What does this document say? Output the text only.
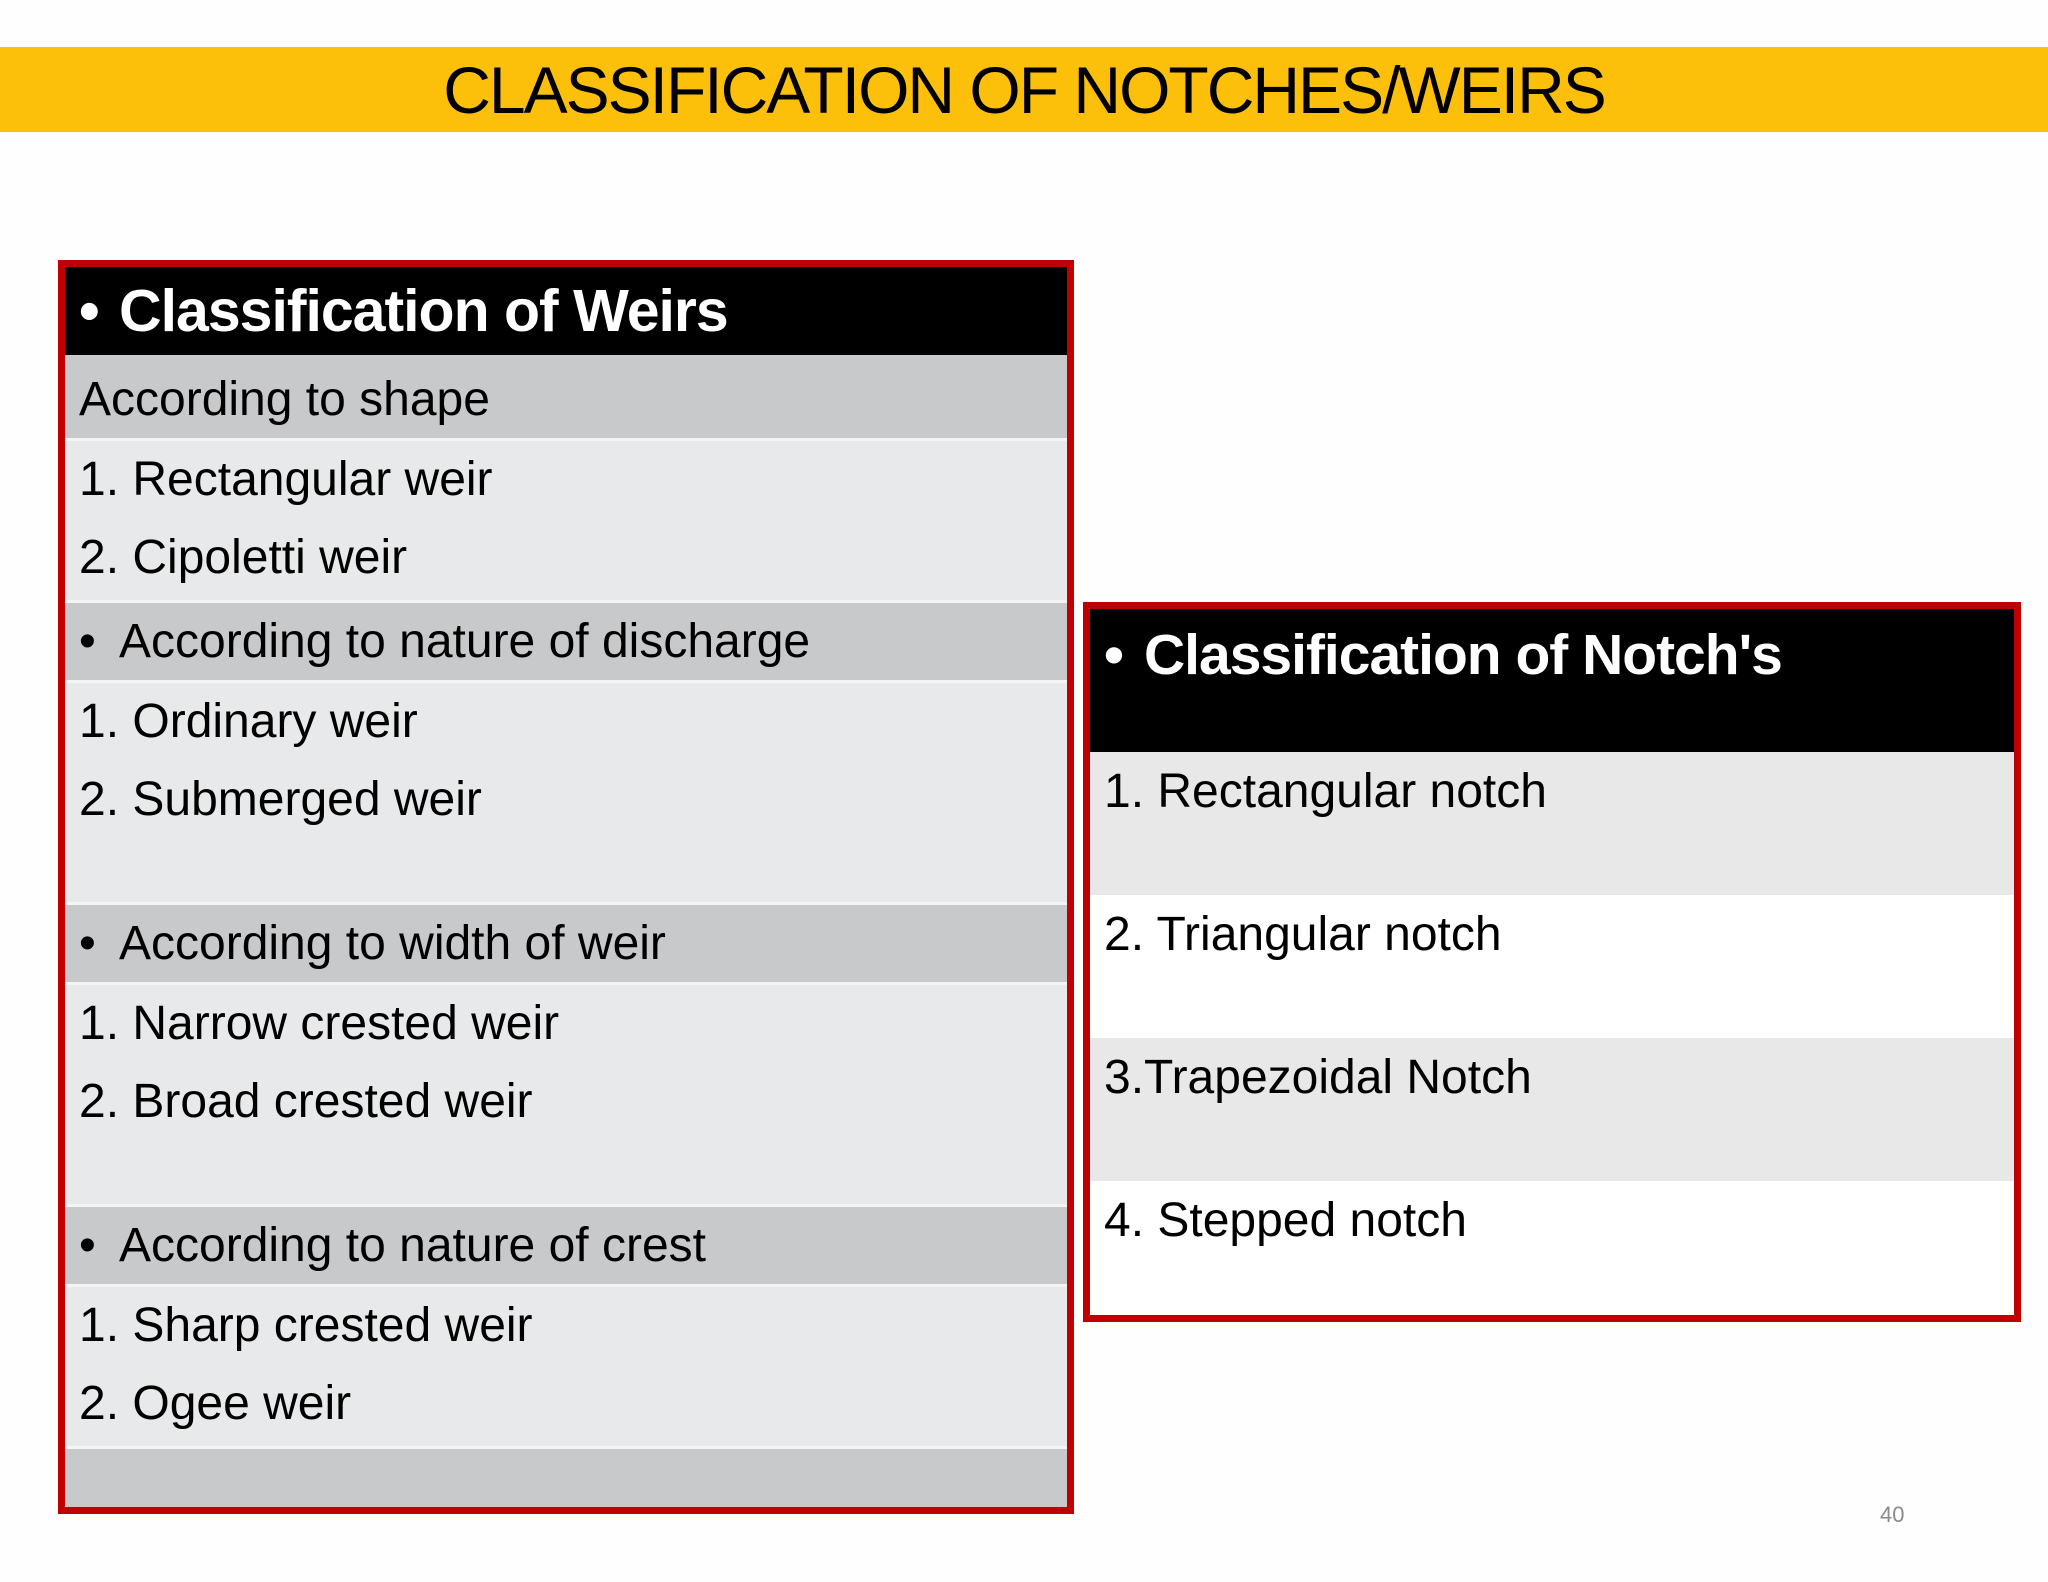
CLASSIFICATION OF NOTCHES/WEIRS
• Classification of Weirs
According to shape
1. Rectangular weir
2. Cipoletti weir
• According to nature of discharge
1. Ordinary weir
2. Submerged weir
• According to width of weir
1. Narrow crested weir
2. Broad crested weir
• According to nature of crest
1. Sharp crested weir
2. Ogee weir
• Classification of Notch's
1. Rectangular notch
2. Triangular notch
3.Trapezoidal Notch
4. Stepped notch
40
